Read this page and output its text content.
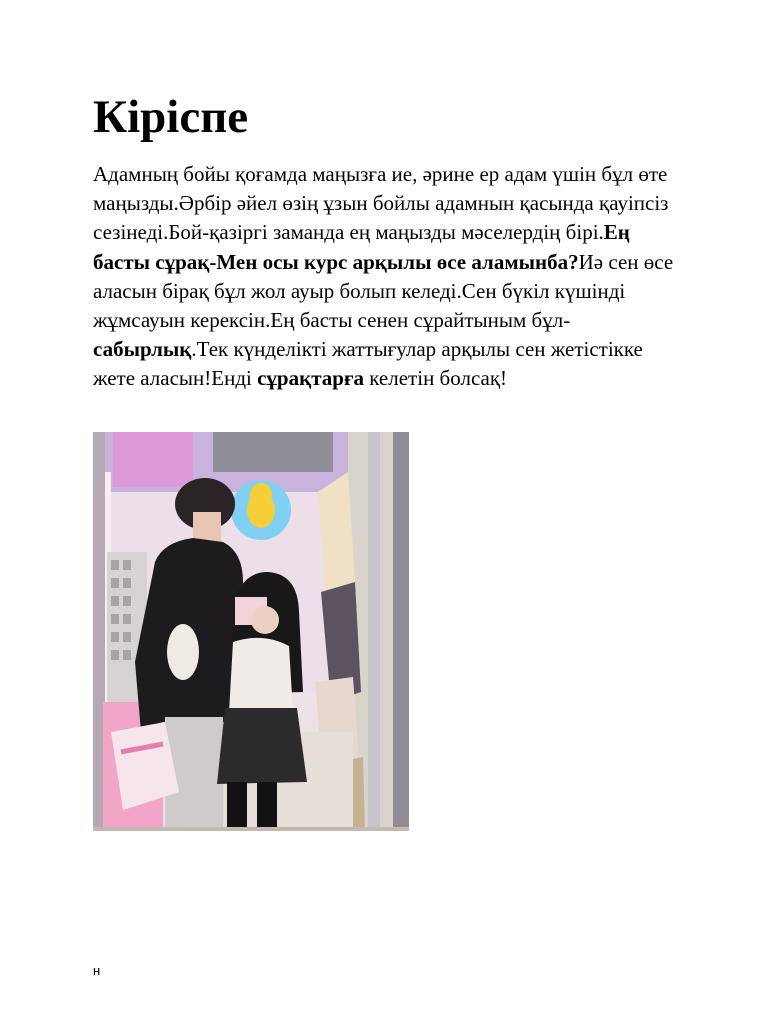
Кіріспе

Адамның бойы қоғамда маңызға ие, әрине ер адам үшін бұл өте маңызды.Әрбір әйел өзің ұзын бойлы адамнын қасында қауіпсіз сезінеді.Бой-қазіргі заманда ең маңызды мәселердің бірі.Ең басты сұрақ-Мен осы курс арқылы өсе аламынба?Иә сен өсе аласын бірақ бұл жол ауыр болып келеді.Сен бүкіл күшінді жұмсауын керексін.Ең басты сенен сұрайтыным бұл-сабырлық.Тек күнделікті жаттығулар арқылы сен жетістікке жете аласын!Енді сұрақтарға келетін болсақ!

н
